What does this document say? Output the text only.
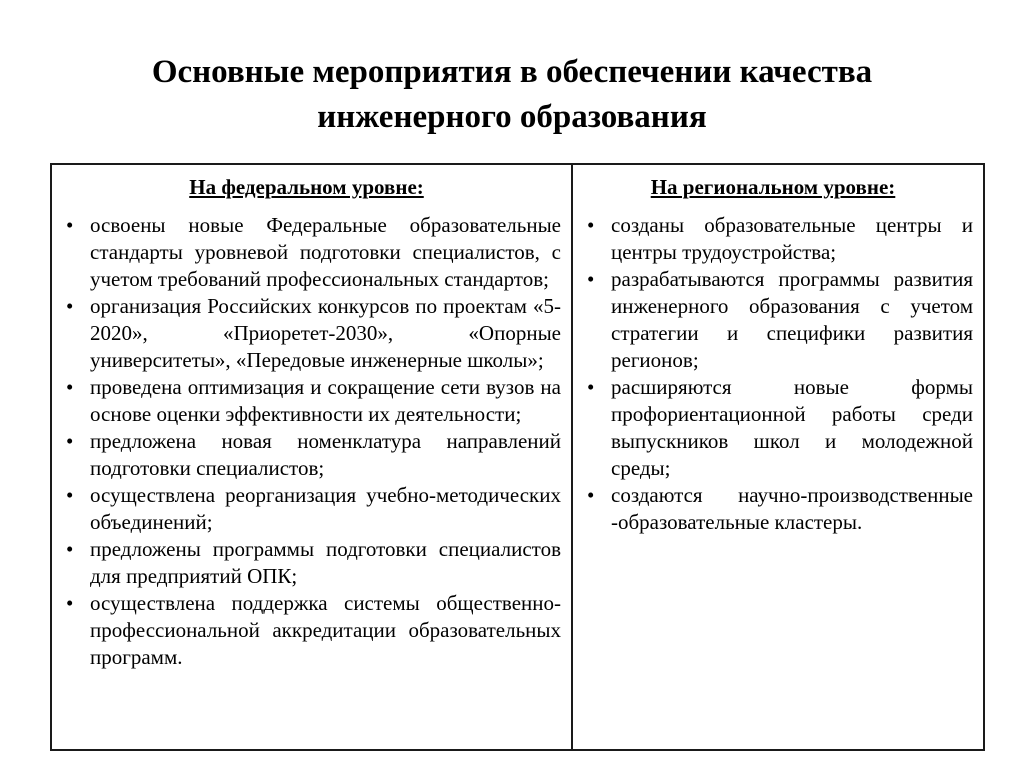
Основные мероприятия в обеспечении качества
инженерного образования
На федеральном уровне:
• освоены новые Федеральные образовательные стандарты уровневой подготовки специалистов, с учетом требований профессиональных стандартов;
• организация Российских конкурсов по проектам «5-2020», «Приоретет-2030», «Опорные университеты», «Передовые инженерные школы»;
• проведена оптимизация и сокращение сети вузов на основе оценки эффективности их деятельности;
• предложена новая номенклатура направлений подготовки специалистов;
• осуществлена реорганизация учебно-методических объединений;
• предложены программы подготовки специалистов для предприятий ОПК;
• осуществлена поддержка системы общественно-профессиональной аккредитации образовательных программ.
На региональном уровне:
• созданы образовательные центры и центры трудоустройства;
• разрабатываются программы развития инженерного образования с учетом стратегии и специфики развития регионов;
• расширяются новые формы профориентационной работы среди выпускников школ и молодежной среды;
• создаются научно-производственные -образовательные кластеры.
